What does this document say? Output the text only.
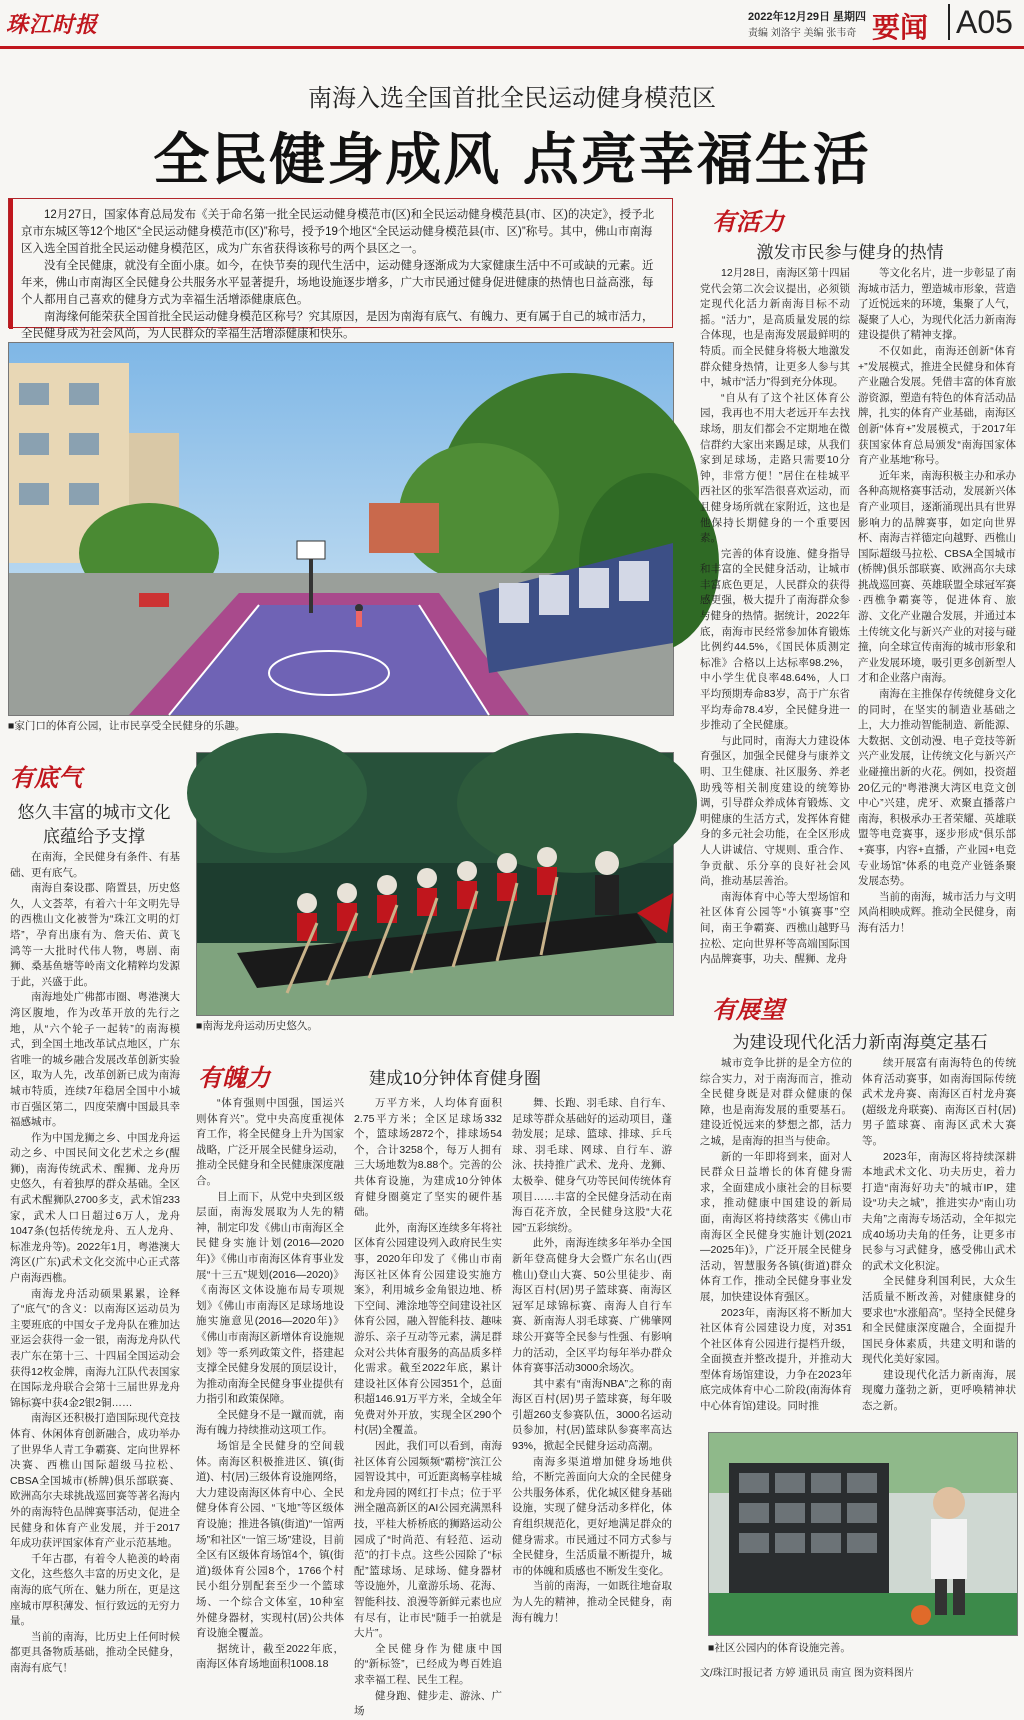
珠江时报	2022年12月29日 星期四
责编 刘洛宇 美编 张韦奇 要闻 A05
南海入选全国首批全民运动健身模范区
全民健身成风 点亮幸福生活

12月27日，国家体育总局发布《关于命名第一批全民运动健身模范市(区)和全民运动健身模范县(市、区)的决定》，授予北京市东城区等12个地区“全民运动健身模范市(区)”称号，授予19个地区“全民运动健身模范县(市、区)”称号。其中，佛山市南海区入选全国首批全民运动健身模范区，成为广东省获得该称号的两个县区之一。

没有全民健康，就没有全面小康。如今，在快节奏的现代生活中，运动健身逐渐成为大家健康生活中不可或缺的元素。近年来，佛山市南海区全民健身公共服务水平显著提升，场地设施逐步增多，广大市民通过健身促进健康的热情也日益高涨，每个人都用自己喜欢的健身方式为幸福生活增添健康底色。

南海缘何能荣获全国首批全民运动健身模范区称号？究其原因，是因为南海有底气、有魄力、更有属于自己的城市活力，全民健身成为社会风尚，为人民群众的幸福生活增添健康和快乐。

■家门口的体育公园，让市民享受全民健身的乐趣。
有活力
激发市民参与健身的热情

12月28日，南海区第十四届党代会第二次会议提出，必须锁定现代化活力新南海目标不动摇。“活力”，是高质量发展的综合体现，也是南海发展最鲜明的特质。而全民健身将极大地激发群众健身热情，让更多人参与其中，城市“活力”得到充分体现。

“自从有了这个社区体育公园，我再也不用大老远开车去找球场，朋友们都会不定期地在微信群约大家出来踢足球，从我们家到足球场，走路只需要10分钟，非常方便！”居住在桂城平西社区的张军浩很喜欢运动，而且健身场所就在家附近，这也是他保持长期健身的一个重要因素。

完善的体育设施、健身指导和丰富的全民健身活动，让城市丰富底色更足，人民群众的获得感更强，极大提升了南海群众参与健身的热情。据统计，2022年底，南海市民经常参加体育锻炼比例约44.5%，《国民体质测定标准》合格以上达标率98.2%，中小学生优良率48.64%，人口平均预期寿命83岁，高于广东省平均寿命78.4岁，全民健身进一步推动了全民健康。

与此同时，南海大力建设体育强区，加强全民健身与康养文明、卫生健康、社区服务、养老助残等相关制度建设的统筹协调，引导群众养成体育锻炼、文明健康的生活方式，发挥体育健身的多元社会功能，在全区形成人人讲诚信、守规则、重合作、争贡献、乐分享的良好社会风尚，推动基层善治。

南海体育中心等大型场馆和社区体育公园等“小镇赛事”空间，南王争霸赛、西樵山越野马拉松、定向世界杯等高端国际国内品牌赛事，功夫、醒狮、龙舟

等文化名片，进一步彰显了南海城市活力，塑造城市形象，营造了近悦远来的环境，集聚了人气，凝聚了人心，为现代化活力新南海建设提供了精神支撑。

不仅如此，南海还创新“体育+”发展模式，推进全民健身和体育产业融合发展。凭借丰富的体育旅游资源，塑造有特色的体育活动品牌，扎实的体育产业基础，南海区创新“体育+”发展模式，于2017年获国家体育总局颁发“南海国家体育产业基地”称号。

近年来，南海积极主办和承办各种高规格赛事活动，发展新兴体育产业项目，逐渐涌现出具有世界影响力的品牌赛事，如定向世界杯、南海吉祥德定向越野、西樵山国际超级马拉松、CBSA全国城市(桥牌)俱乐部联赛、欧洲高尔夫球挑战巡回赛、英雄联盟全球冠军赛·西樵争霸赛等，促进体育、旅游、文化产业融合发展，并通过本土传统文化与新兴产业的对接与碰撞，向全球宣传南海的城市形象和产业发展环境，吸引更多创新型人才和企业落户南海。

南海在主推保存传统健身文化的同时，在坚实的制造业基础之上，大力推动智能制造、新能源、大数据、文创动漫、电子竞技等新兴产业发展，让传统文化与新兴产业碰撞出新的火花。例如，投资超20亿元的“粤港澳大湾区电竞文创中心”兴建，虎牙、欢聚直播落户南海，积极承办王者荣耀、英雄联盟等电竞赛事，逐步形成“俱乐部+赛事，内容+直播，产业园+电竞专业场馆”体系的电竞产业链条聚发展态势。

当前的南海，城市活力与文明风尚相映成辉。推动全民健身，南海有活力！

有底气
悠久丰富的城市文化
底蕴给予支撑

在南海，全民健身有条件、有基础、更有底气。

南海自秦设郡、隋置县，历史悠久，人文荟萃，有着六十年文明先导的西樵山文化被誉为“珠江文明的灯塔”，孕育出康有为、詹天佑、黄飞鸿等一大批时代伟人物，粤剧、南狮、桑基鱼塘等岭南文化精粹均发源于此，兴盛于此。

南海地处广佛都市圈、粤港澳大湾区腹地，作为改革开放的先行之地，从“六个轮子一起转”的南海模式，到全国土地改革试点地区，广东省唯一的城乡融合发展改革创新实验区，取为人先，改革创新已成为南海城市特质，连续7年稳居全国中小城市百强区第二，四度荣膺中国最具幸福感城市。

作为中国龙狮之乡、中国龙舟运动之乡、中国民间文化艺术之乡(醒狮)，南海传统武术、醒狮、龙舟历史悠久，有着独厚的群众基础。全区有武术醒狮队2700多支，武术馆233家，武术人口日超过6万人，龙舟1047条(包括传统龙舟、五人龙舟、标准龙舟等)。2022年1月，粤港澳大湾区(广东)武术文化交流中心正式落户南海西樵。

南海龙舟活动硕果累累，诠释了“底气”的含义：以南海区运动员为主要班底的中国女子龙舟队在雅加达亚运会获得一金一银，南海龙舟队代表广东在第十三、十四届全国运动会获得12枚金牌，南海九江队代表国家在国际龙舟联合会第十三届世界龙舟锦标赛中获4金2银2铜……

南海区还积极打造国际现代竞技体育、休闲体育创新融合，成功举办了世界华人青工争霸赛、定向世界杯决赛、西樵山国际超级马拉松、CBSA全国城市(桥牌)俱乐部联赛、欧洲高尔夫球挑战巡回赛等著名海内外的南海特色品牌赛事活动，促进全民健身和体育产业发展，并于2017年成功获评国家体育产业示范基地。

千年古郡，有着令人艳羡的岭南文化，这些悠久丰富的历史文化，是南海的底气所在、魅力所在，更是这座城市厚积薄发、恒行致远的无穷力量。

当前的南海，比历史上任何时候都更具备物质基础，推动全民健身，南海有底气！

■南海龙舟运动历史悠久。
有魄力	建成10分钟体育健身圈

“体育强则中国强，国运兴则体育兴”。党中央高度重视体育工作，将全民健身上升为国家战略，广泛开展全民健身运动，推动全民健身和全民健康深度融合。

目上而下，从党中央到区级层面，南海发展取为人先的精神，制定印发《佛山市南海区全民健身实施计划(2016—2020年)》《佛山市南海区体育事业发展“十三五”规划(2016—2020)》《南海区文体设施布局专项规划》《佛山市南海区足球场地设施实施意见(2016—2020年)》《佛山市南海区新增体育设施规划》等一系列政策文件，搭建起支撑全民健身发展的顶层设计，为推动南海全民健身事业提供有力指引和政策保障。

全民健身不是一蹴而就，南海有魄力持续推动这项工作。

场馆是全民健身的空间载体。南海区积极推进区、镇(街道)、村(居)三级体育设施网络，大力建设南海区体育中心、全民健身体育公园、“飞地”等区级体育设施；推进各镇(街道)“一馆两场”和社区“一馆三场”建设，目前全区有区级体育场馆4个，镇(街道)级体育公园8个，1766个村民小组分别配套至少一个篮球场、一个综合文体室，10种室外健身器材，实现村(居)公共体育设施全覆盖。

据统计，截至2022年底，南海区体育场地面积1008.18

万平方米，人均体育面积2.75平方米；全区足球场332个，篮球场2872个，排球场54个，合计3258个，每万人拥有三大场地数为8.88个。完善的公共体育设施，为建成10分钟体育健身圈奠定了坚实的硬件基础。

此外，南海区连续多年将社区体育公园建设列入政府民生实事，2020年印发了《佛山市南海区社区体育公园建设实施方案》，利用城乡金角银边地、桥下空间、滩涂地等空间建设社区体育公园，融入智能科技、趣味游乐、亲子互动等元素，满足群众对公共体育服务的高品质多样化需求。截至2022年底，累计建设社区体育公园351个，总面积超146.91万平方米，全域全年免费对外开放，实现全区290个村(居)全覆盖。

因此，我们可以看到，南海社区体育公园频频“霸榜”滨江公园智设其中，可近距离畅享桂城和龙舟园的网红打卡点；位于平洲全融高新区的AI公园充满黑科技，平桂大桥桥底的狮路运动公园成了“时尚范、有轻范、运动范”的打卡点。这些公园除了“标配”篮球场、足球场、健身器材等设施外，儿童游乐场、花海、智能科技、浪漫等新鲜元素也应有尽有，让市民“随手一拍就是大片”。

全民健身作为健康中国的“新标签”，已经成为粤百姓追求幸福工程、民生工程。

健身跑、健步走、游泳、广场

舞、长跑、羽毛球、自行车、足球等群众基础好的运动项目，蓬勃发展；足球、篮球、排球、乒乓球、羽毛球、网球、自行车、游泳、扶持推广武术、龙舟、龙狮、太极拳、健身气功等民间传统体育项目……丰富的全民健身活动在南海百花齐放，全民健身这股“大花园”五彩缤纷。

此外，南海连续多年举办全国新年登高健身大会暨广东名山(西樵山)登山大赛、50公里徒步、南海区百村(居)男子篮球赛、南海区冠军足球锦标赛、南海人自行车赛、新南海人羽毛球赛、广佛肇网球公开赛等全民参与性强、有影响力的活动，全区平均每年举办群众体育赛事活动3000余场次。

其中素有“南海NBA”之称的南海区百村(居)男子篮球赛，每年吸引超260支参赛队伍，3000名运动员参加，村(居)篮球队参赛率高达93%，掀起全民健身运动高潮。

南海多渠道增加健身场地供给，不断完善面向大众的全民健身公共服务体系，优化城区健身基础设施，实现了健身活动多样化，体育组织规范化，更好地满足群众的健身需求。市民通过不同方式参与全民健身，生活质量不断提升，城市的体魄和质感也不断发生变化。

当前的南海，一如既往地奋取为人先的精神，推动全民健身，南海有魄力！

有展望
为建设现代化活力新南海奠定基石

城市竞争比拼的是全方位的综合实力，对于南海而言，推动全民健身既是对群众健康的保障，也是南海发展的重要基石。建设近悦远来的梦想之都，活力之城，是南海的担当与使命。

新的一年即将到来，面对人民群众日益增长的体育健身需求，全面建成小康社会的目标要求，推动健康中国建设的新局面，南海区将持续落实《佛山市南海区全民健身实施计划(2021—2025年)》，广泛开展全民健身活动，智慧服务各镇(街道)群众体育工作，推动全民健身事业发展，加快建设体育强区。

2023年，南海区将不断加大社区体育公园建设力度，对351个社区体育公园进行提档升级，全面摸查并整改提升，并推动大型体育场馆建设，力争在2023年底完成体育中心二阶段(南海体育中心体育馆)建设。同时推

续开展富有南海特色的传统体育活动赛事，如南海国际传统武术龙舟赛、南海区百村龙舟赛(超级龙舟联赛)、南海区百村(居)男子篮球赛、南海区武术大赛等。

2023年，南海区将持续深耕本地武术文化、功夫历史，着力打造“南海好功夫”的城市IP，建设“功夫之城”，推进实办“南山功夫角”之南海专场活动，全年拟完成40场功夫角的任务，让更多市民参与习武健身，感受佛山武术的武术文化积淀。

全民健身利国利民，大众生活质量不断改善，对健康健身的要求也“水涨船高”。坚持全民健身和全民健康深度融合，全面提升国民身体素质，共建文明和谐的现代化美好家园。

建设现代化活力新南海，展现魔力蓬勃之新，更呼唤精神状态之新。

■社区公园内的体育设施完善。
文/珠江时报记者 方婷 通讯员 南宣 图为资料图片
